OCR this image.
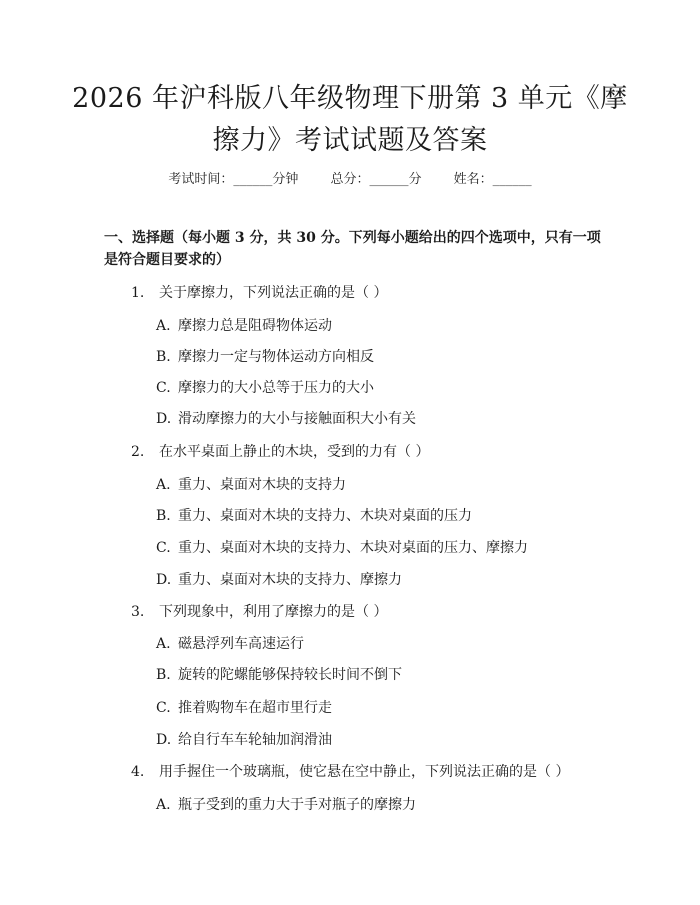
2026 年沪科版八年级物理下册第 3 单元《摩
擦力》考试试题及答案
考试时间：______分钟 总分：______分 姓名：______
一、选择题（每小题 3 分，共 30 分。下列每小题给出的四个选项中，只有一项是符合题目要求的）
1. 关于摩擦力，下列说法正确的是（ ）
A. 摩擦力总是阻碍物体运动
B. 摩擦力一定与物体运动方向相反
C. 摩擦力的大小总等于压力的大小
D. 滑动摩擦力的大小与接触面积大小有关
2. 在水平桌面上静止的木块，受到的力有（ ）
A. 重力、桌面对木块的支持力
B. 重力、桌面对木块的支持力、木块对桌面的压力
C. 重力、桌面对木块的支持力、木块对桌面的压力、摩擦力
D. 重力、桌面对木块的支持力、摩擦力
3. 下列现象中，利用了摩擦力的是（ ）
A. 磁悬浮列车高速运行
B. 旋转的陀螺能够保持较长时间不倒下
C. 推着购物车在超市里行走
D. 给自行车车轮轴加润滑油
4. 用手握住一个玻璃瓶，使它悬在空中静止，下列说法正确的是（ ）
A. 瓶子受到的重力大于手对瓶子的摩擦力
